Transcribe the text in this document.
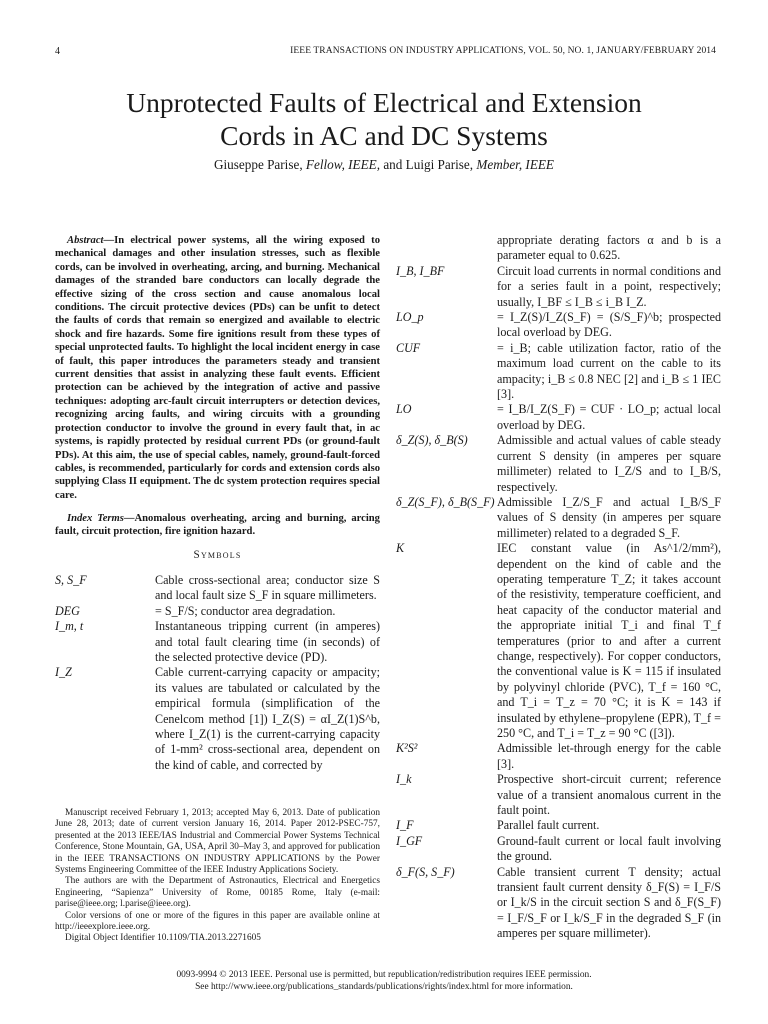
4	IEEE TRANSACTIONS ON INDUSTRY APPLICATIONS, VOL. 50, NO. 1, JANUARY/FEBRUARY 2014
Unprotected Faults of Electrical and Extension
Cords in AC and DC Systems
Giuseppe Parise, Fellow, IEEE, and Luigi Parise, Member, IEEE

Abstract—In electrical power systems, all the wiring exposed to mechanical damages and other insulation stresses, such as flexible cords, can be involved in overheating, arcing, and burning. Mechanical damages of the stranded bare conductors can locally degrade the effective sizing of the cross section and cause anomalous local conditions. The circuit protective devices (PDs) can be unfit to detect the faults of cords that remain so energized and available to electric shock and fire hazards. Some fire ignitions result from these types of special unprotected faults. To highlight the local incident energy in case of fault, this paper introduces the parameters steady and transient current densities that assist in analyzing these fault events. Efficient protection can be achieved by the integration of active and passive techniques: adopting arc-fault circuit interrupters or detection devices, recognizing arcing faults, and wiring circuits with a grounding protection conductor to involve the ground in every fault that, in ac systems, is rapidly protected by residual current PDs (or ground-fault PDs). At this aim, the use of special cables, namely, ground-fault-forced cables, is recommended, particularly for cords and extension cords also supplying Class II equipment. The dc system protection requires special care.

Index Terms—Anomalous overheating, arcing and burning, arcing fault, circuit protection, fire ignition hazard.

Symbols
S, S_F	Cable cross-sectional area; conductor size S and local fault size S_F in square millimeters.
DEG	= S_F/S; conductor area degradation.
I_m, t	Instantaneous tripping current (in amperes) and total fault clearing time (in seconds) of the selected protective device (PD).
I_Z	Cable current-carrying capacity or ampacity; its values are tabulated or calculated by the empirical formula (simplification of the Cenelcom method [1]) I_Z(S) = αI_Z(1)S^b, where I_Z(1) is the current-carrying capacity of 1-mm² cross-sectional area, dependent on the kind of cable, and corrected by
	appropriate derating factors α and b is a parameter equal to 0.625.
I_B, I_BF	Circuit load currents in normal conditions and for a series fault in a point, respectively; usually, I_BF ≤ I_B ≤ i_B I_Z.
LO_p	= I_Z(S)/I_Z(S_F) = (S/S_F)^b; prospected local overload by DEG.
CUF	= i_B; cable utilization factor, ratio of the maximum load current on the cable to its ampacity; i_B ≤ 0.8 NEC [2] and i_B ≤ 1 IEC [3].
LO	= I_B/I_Z(S_F) = CUF · LO_p; actual local overload by DEG.
δ_Z(S), δ_B(S)	Admissible and actual values of cable steady current S density (in amperes per square millimeter) related to I_Z/S and to I_B/S, respectively.
δ_Z(S_F), δ_B(S_F)	Admissible I_Z/S_F and actual I_B/S_F values of S density (in amperes per square millimeter) related to a degraded S_F.
K	IEC constant value (in As^1/2/mm²), dependent on the kind of cable and the operating temperature T_Z; it takes account of the resistivity, temperature coefficient, and heat capacity of the conductor material and the appropriate initial T_i and final T_f temperatures (prior to and after a current change, respectively). For copper conductors, the conventional value is K = 115 if insulated by polyvinyl chloride (PVC), T_f = 160 °C, and T_i = T_z = 70 °C; it is K = 143 if insulated by ethylene–propylene (EPR), T_f = 250 °C, and T_i = T_z = 90 °C ([3]).
K²S²	Admissible let-through energy for the cable [3].
I_k	Prospective short-circuit current; reference value of a transient anomalous current in the fault point.
I_F	Parallel fault current.
I_GF	Ground-fault current or local fault involving the ground.
δ_F(S, S_F)	Cable transient current T density; actual transient fault current density δ_F(S) = I_F/S or I_k/S in the circuit section S and δ_F(S_F) = I_F/S_F or I_k/S_F in the degraded S_F (in amperes per square millimeter).

Manuscript received February 1, 2013; accepted May 6, 2013. Date of publication June 28, 2013; date of current version January 16, 2014. Paper 2012-PSEC-757, presented at the 2013 IEEE/IAS Industrial and Commercial Power Systems Technical Conference, Stone Mountain, GA, USA, April 30–May 3, and approved for publication in the IEEE TRANSACTIONS ON INDUSTRY APPLICATIONS by the Power Systems Engineering Committee of the IEEE Industry Applications Society.

The authors are with the Department of Astronautics, Electrical and Energetics Engineering, “Sapienza” University of Rome, 00185 Rome, Italy (e-mail: parise@ieee.org; l.parise@ieee.org).

Color versions of one or more of the figures in this paper are available online at http://ieeexplore.ieee.org.

Digital Object Identifier 10.1109/TIA.2013.2271605

0093-9994 © 2013 IEEE. Personal use is permitted, but republication/redistribution requires IEEE permission.
See http://www.ieee.org/publications_standards/publications/rights/index.html for more information.
